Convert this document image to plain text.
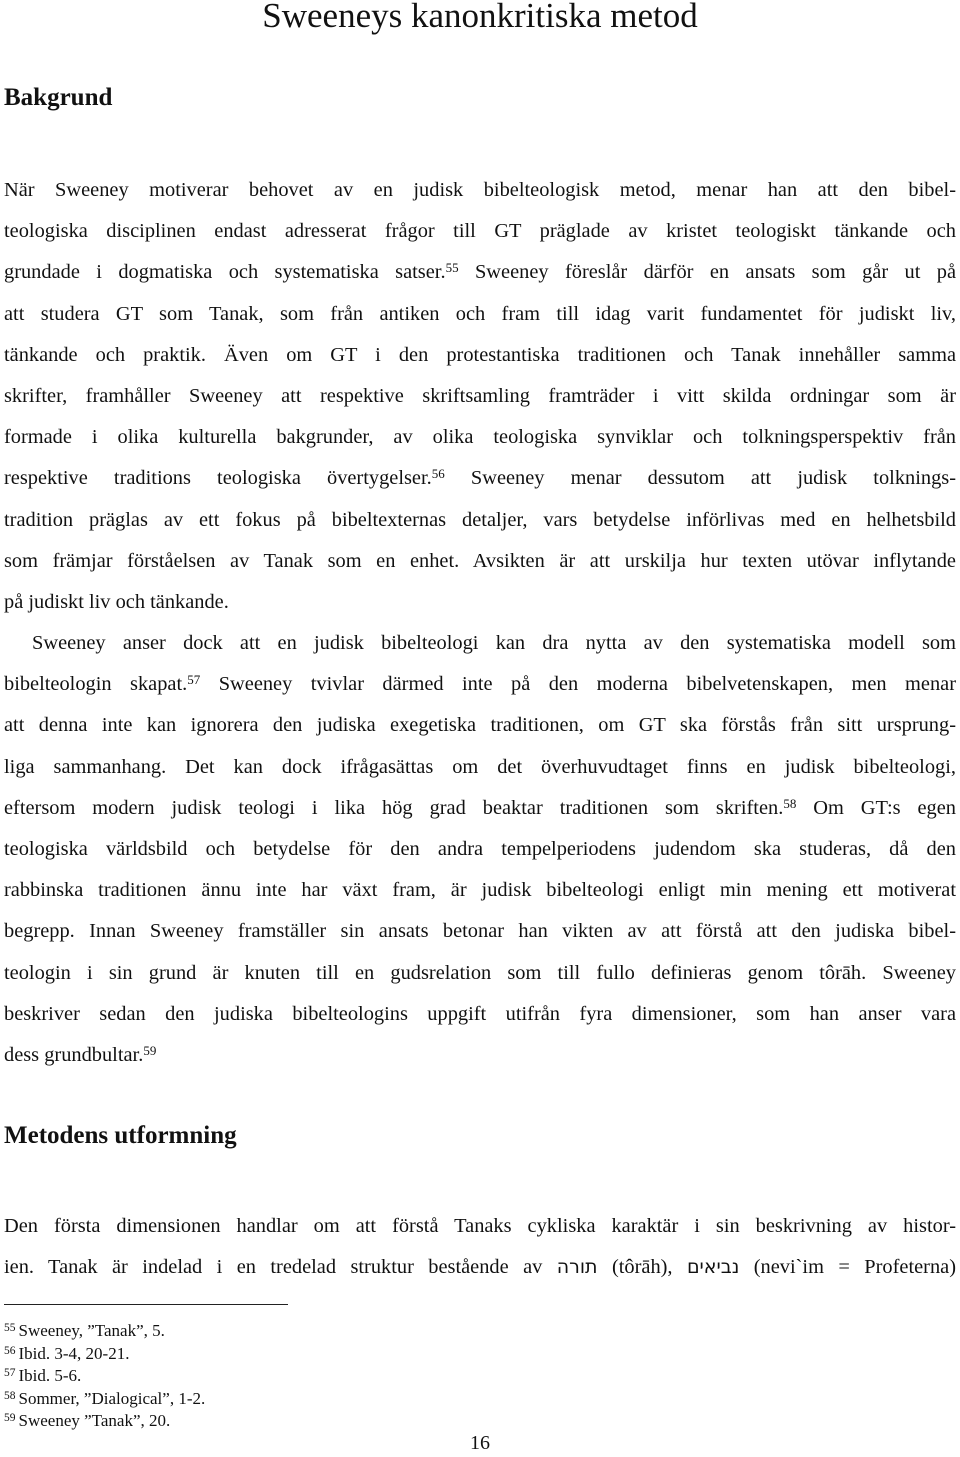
Sweeneys kanonkritiska metod
Bakgrund
När Sweeney motiverar behovet av en judisk bibelteologisk metod, menar han att den bibel-
teologiska disciplinen endast adresserat frågor till GT präglade av kristet teologiskt tänkande och
grundade i dogmatiska och systematiska satser.$^{55}$ Sweeney föreslår därför en ansats som går ut på
att studera GT som Tanak, som från antiken och fram till idag varit fundamentet för judiskt liv,
tänkande och praktik. Även om GT i den protestantiska traditionen och Tanak innehåller samma
skrifter, framhåller Sweeney att respektive skriftsamling framträder i vitt skilda ordningar som är
formade i olika kulturella bakgrunder, av olika teologiska synviklar och tolkningsperspektiv från
respektive traditions teologiska övertygelser.$^{56}$ Sweeney menar dessutom att judisk tolknings-
tradition präglas av ett fokus på bibeltexternas detaljer, vars betydelse införlivas med en helhetsbild
som främjar förståelsen av Tanak som en enhet. Avsikten är att urskilja hur texten utövar inflytande
på judiskt liv och tänkande.
Sweeney anser dock att en judisk bibelteologi kan dra nytta av den systematiska modell som
bibelteologin skapat.$^{57}$ Sweeney tvivlar därmed inte på den moderna bibelvetenskapen, men menar
att denna inte kan ignorera den judiska exegetiska traditionen, om GT ska förstås från sitt ursprung-
liga sammanhang. Det kan dock ifrågasättas om det överhuvudtaget finns en judisk bibelteologi,
eftersom modern judisk teologi i lika hög grad beaktar traditionen som skriften.$^{58}$ Om GT:s egen
teologiska världsbild och betydelse för den andra tempelperiodens judendom ska studeras, då den
rabbinska traditionen ännu inte har växt fram, är judisk bibelteologi enligt min mening ett motiverat
begrepp. Innan Sweeney framställer sin ansats betonar han vikten av att förstå att den judiska bibel-
teologin i sin grund är knuten till en gudsrelation som till fullo definieras genom tôrāh. Sweeney
beskriver sedan den judiska bibelteologins uppgift utifrån fyra dimensioner, som han anser vara
dess grundbultar.$^{59}$
Metodens utformning
Den första dimensionen handlar om att förstå Tanaks cykliska karaktär i sin beskrivning av histor-
ien. Tanak är indelad i en tredelad struktur bestående av תורה (tôrāh), נביאים (nevi`im = Profeterna)
$^{55}$ Sweeney, ”Tanak”, 5.
$^{56}$ Ibid. 3-4, 20-21.
$^{57}$ Ibid. 5-6.
$^{58}$ Sommer, ”Dialogical”, 1-2.
$^{59}$ Sweeney ”Tanak”, 20.
16
